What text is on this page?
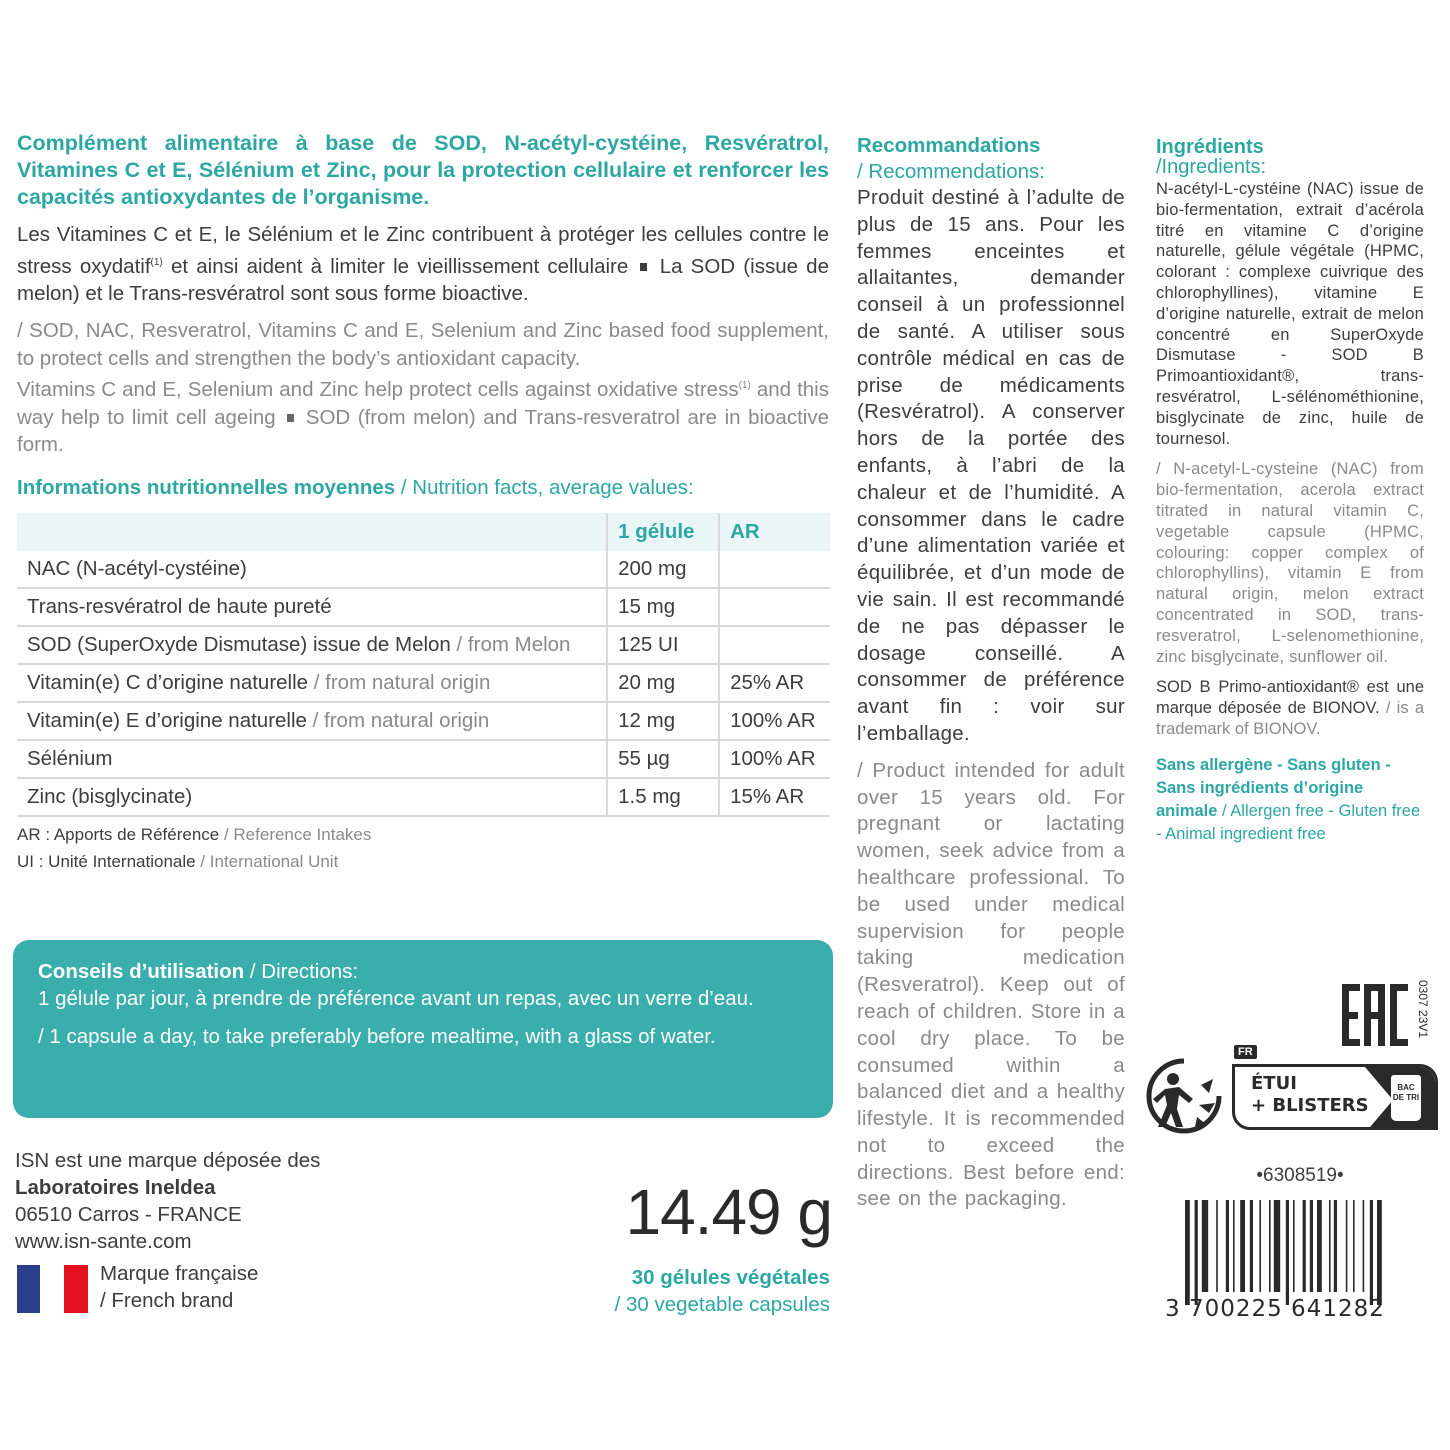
Complément alimentaire à base de SOD, N-acétyl-cystéine, Resvératrol, Vitamines C et E, Sélénium et Zinc, pour la protection cellulaire et renforcer les capacités antioxydantes de l’organisme.

Les Vitamines C et E, le Sélénium et le Zinc contribuent à protéger les cellules contre le stress oxydatif$^{(1)}$ et ainsi aident à limiter le vieillissement cellulaire La SOD (issue de melon) et le Trans-resvératrol sont sous forme bioactive.

/ SOD, NAC, Resveratrol, Vitamins C and E, Selenium and Zinc based food supplement, to protect cells and strengthen the body’s antioxidant capacity.

Vitamins C and E, Selenium and Zinc help protect cells against oxidative stress$^{(1)}$ and this way help to limit cell ageing SOD (from melon) and Trans-resveratrol are in bioactive form.

Informations nutritionnelles moyennes / Nutrition facts, average values:
	1 gélule	AR
NAC (N-acétyl-cystéine)	200 mg	
Trans-resvératrol de haute pureté	15 mg	
SOD (SuperOxyde Dismutase) issue de Melon / from Melon	125 UI	
Vitamin(e) C d’origine naturelle / from natural origin	20 mg	25% AR
Vitamin(e) E d’origine naturelle / from natural origin	12 mg	100% AR
Sélénium	55 µg	100% AR
Zinc (bisglycinate)	1.5 mg	15% AR
AR : Apports de Référence / Reference Intakes
UI : Unité Internationale / International Unit

Conseils d’utilisation / Directions:

1 gélule par jour, à prendre de préférence avant un repas, avec un verre d’eau.

/ 1 capsule a day, to take preferably before mealtime, with a glass of water.

ISN est une marque déposée des
Laboratoires Ineldea
06510 Carros - FRANCE
www.isn-sante.com
Marque française
/ French brand
14.49 g
30 gélules végétales
/ 30 vegetable capsules

Recommandations

/ Recommendations:

Produit destiné à l’adulte de plus de 15 ans. Pour les femmes enceintes et allaitantes, demander conseil à un professionnel de santé. A utiliser sous contrôle médical en cas de prise de médicaments (Resvératrol). A conserver hors de la portée des enfants, à l’abri de la chaleur et de l’humidité. A consommer dans le cadre d’une alimentation variée et équilibrée, et d’un mode de vie sain. Il est recommandé de ne pas dépasser le dosage conseillé. A consommer de préférence avant fin : voir sur l’emballage.

/ Product intended for adult over 15 years old. For pregnant or lactating women, seek advice from a healthcare professional. To be used under medical supervision for people taking medication (Resveratrol). Keep out of reach of children. Store in a cool dry place. To be consumed within a balanced diet and a healthy lifestyle. It is recommended not to exceed the directions. Best before end: see on the packaging.

Ingrédients

/Ingredients:

N-acétyl-L-cystéine (NAC) issue de bio-fermentation, extrait d’acérola titré en vitamine C d’origine naturelle, gélule végétale (HPMC, colorant : complexe cuivrique des chlorophyllines), vitamine E d’origine naturelle, extrait de melon concentré en SuperOxyde Dismutase - SOD B Primoantioxidant®, trans-resvératrol, L-sélénométhionine, bisglycinate de zinc, huile de tournesol.

/ N-acetyl-L-cysteine (NAC) from bio-fermentation, acerola extract titrated in natural vitamin C, vegetable capsule (HPMC, colouring: copper complex of chlorophyllins), vitamin E from natural origin, melon extract concentrated in SOD, trans-resveratrol, L-selenomethionine, zinc bisglycinate, sunflower oil.

SOD B Primo-antioxidant® est une marque déposée de BIONOV. / is a trademark of BIONOV.
Sans allergène - Sans gluten - Sans ingrédients d’origine animale / Allergen free - Gluten free - Animal ingredient free
0307 23V1
FR
ÉTUI
+ BLISTERS
BAC DE TRI
•6308519•
3 700225 641282
